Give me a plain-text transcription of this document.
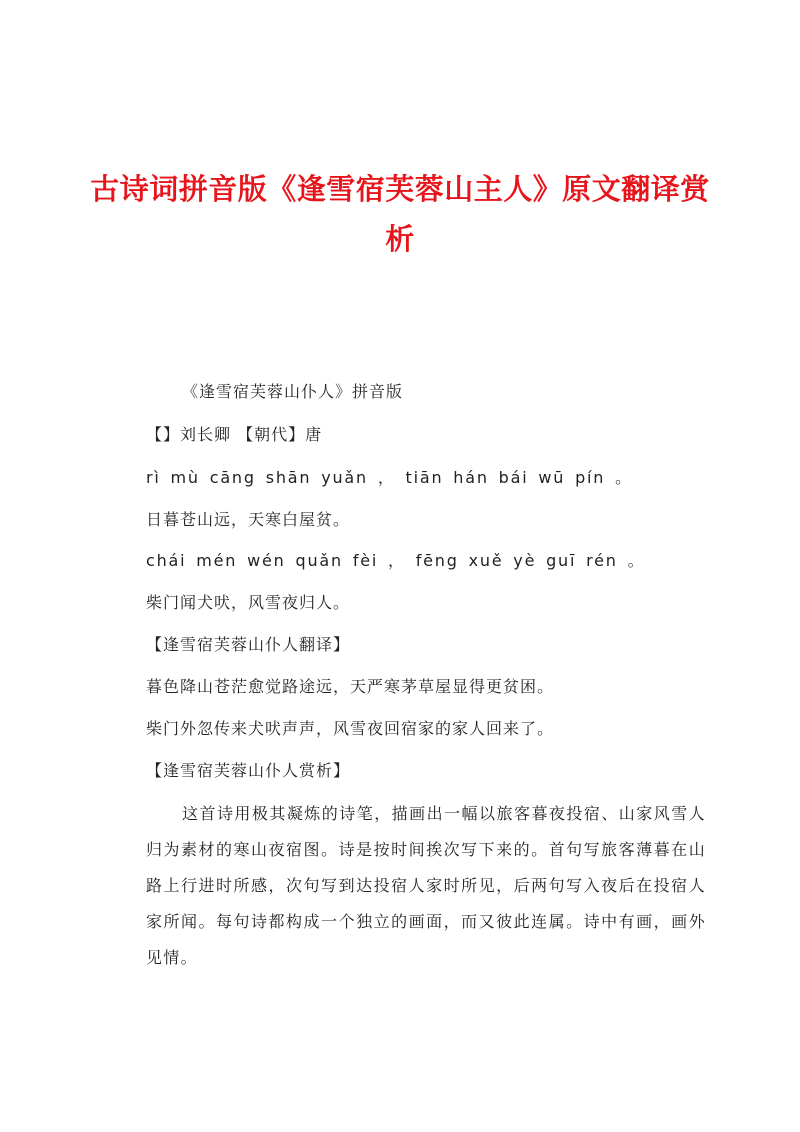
古诗词拼音版《逢雪宿芙蓉山主人》原文翻译赏析
《逢雪宿芙蓉山仆人》拼音版
【】刘长卿 【朝代】唐
rì mù cāng shān yuǎn ， tiān hán bái wū pín 。
日暮苍山远，天寒白屋贫。
chái mén wén quǎn fèi ， fēng xuě yè guī rén 。
柴门闻犬吠，风雪夜归人。
【逢雪宿芙蓉山仆人翻译】
暮色降山苍茫愈觉路途远，天严寒茅草屋显得更贫困。
柴门外忽传来犬吠声声，风雪夜回宿家的家人回来了。
【逢雪宿芙蓉山仆人赏析】
这首诗用极其凝炼的诗笔，描画出一幅以旅客暮夜投宿、山家风雪人归为素材的寒山夜宿图。诗是按时间挨次写下来的。首句写旅客薄暮在山路上行进时所感，次句写到达投宿人家时所见，后两句写入夜后在投宿人家所闻。每句诗都构成一个独立的画面，而又彼此连属。诗中有画，画外见情。
